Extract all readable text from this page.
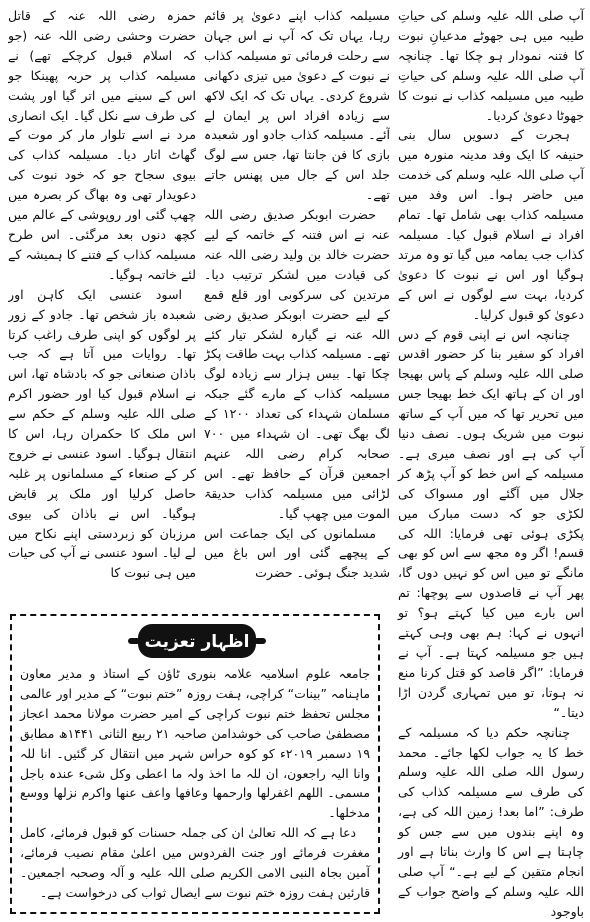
آپ صلی اللہ علیہ وسلم کی حیاتِ طیبہ میں ہی جھوٹے مدعیانِ نبوت کا فتنہ نمودار ہو چکا تھا۔ چنانچہ آپ صلی اللہ علیہ وسلم کی حیاتِ طیبہ میں مسیلمہ کذاب نے نبوت کا جھوٹا دعویٰ کردیا۔

ہجرت کے دسویں سال بنی حنیفہ کا ایک وفد مدینہ منورہ میں آپ صلی اللہ علیہ وسلم کی خدمت میں حاضر ہوا۔ اس وفد میں مسیلمہ کذاب بھی شامل تھا۔ تمام افراد نے اسلام قبول کیا۔ مسیلمہ کذاب جب یمامہ میں گیا تو وہ مرتد ہوگیا اور اس نے نبوت کا دعویٰ کردیا، بہت سے لوگوں نے اس کے دعویٰ کو قبول کرلیا۔

چنانچہ اس نے اپنی قوم کے دس افراد کو سفیر بنا کر حضور اقدس صلی اللہ علیہ وسلم کے پاس بھیجا اور ان کے ہاتھ ایک خط بھیجا جس میں تحریر تھا کہ میں آپ کے ساتھ نبوت میں شریک ہوں۔ نصف دنیا آپ کی ہے اور نصف میری ہے۔ مسیلمہ کے اس خط کو آپ پڑھ کر جلال میں آگئے اور مسواک کی لکڑی جو کہ دست مبارک میں پکڑی ہوئی تھی فرمایا: اللہ کی قسم! اگر وہ مجھ سے اس کو بھی مانگے تو میں اس کو نہیں دوں گا، پھر آپ نے قاصدوں سے پوچھا: تم اس بارے میں کیا کہتے ہو؟ تو انہوں نے کہا: ہم بھی وہی کہتے ہیں جو مسیلمہ کہتا ہے۔ آپ نے فرمایا: ”اگر قاصد کو قتل کرنا منع نہ ہوتا، تو میں تمہاری گردن اڑا دیتا۔“

چنانچہ حکم دیا کہ مسیلمہ کے خط کا یہ جواب لکھا جائے۔ محمد رسول اللہ صلی اللہ علیہ وسلم کی طرف سے مسیلمہ کذاب کی طرف: ”اما بعد! زمین اللہ کی ہے، وہ اپنے بندوں میں سے جس کو چاہتا ہے اس کا وارث بناتا ہے اور انجام متقین کے لیے ہے۔“ آپ صلی اللہ علیہ وسلم کے واضح جواب کے باوجود

مسیلمہ کذاب اپنے دعویٰ پر قائم رہا، یہاں تک کہ آپ نے اس جہان سے رحلت فرمائی تو مسیلمہ کذاب نے نبوت کے دعویٰ میں تیزی دکھانی شروع کردی۔ یہاں تک کہ ایک لاکھ سے زیادہ افراد اس پر ایمان لے آئے۔ مسیلمہ کذاب جادو اور شعبدہ بازی کا فن جانتا تھا، جس سے لوگ جلد اس کے جال میں پھنس جاتے تھے۔

حضرت ابوبکر صدیق رضی اللہ عنہ نے اس فتنہ کے خاتمہ کے لیے حضرت خالد بن ولید رضی اللہ عنہ کی قیادت میں لشکر ترتیب دیا۔ مرتدین کی سرکوبی اور قلع قمع کے لیے حضرت ابوبکر صدیق رضی اللہ عنہ نے گیارہ لشکر تیار کئے تھے۔ مسیلمہ کذاب بہت طاقت پکڑ چکا تھا۔ بیس ہزار سے زیادہ لوگ مسیلمہ کذاب کے مارے گئے جبکہ مسلمان شہداء کی تعداد ۱۲۰۰ کے لگ بھگ تھی۔ ان شہداء میں ۷۰۰ صحابہ کرام رضی اللہ عنہم اجمعین قرآن کے حافظ تھے۔ اس لڑائی میں مسیلمہ کذاب حدیقۃ الموت میں چھپ گیا۔

مسلمانوں کی ایک جماعت اس کے پیچھے گئی اور اس باغ میں شدید جنگ ہوئی۔ حضرت

حمزہ رضی اللہ عنہ کے قاتل حضرت وحشی رضی اللہ عنہ (جو کہ اسلام قبول کرچکے تھے) نے مسیلمہ کذاب پر حربہ پھینکا جو اس کے سینے میں اتر گیا اور پشت کی طرف سے نکل گیا۔ ایک انصاری مرد نے اسے تلوار مار کر موت کے گھاٹ اتار دیا۔ مسیلمہ کذاب کی بیوی سجاح جو کہ خود نبوت کی دعویدار تھی وہ بھاگ کر بصرہ میں چھپ گئی اور روپوشی کے عالم میں کچھ دنوں بعد مرگئی۔ اس طرح مسیلمہ کذاب کے فتنے کا ہمیشہ کے لئے خاتمہ ہوگیا۔

اسود عنسی ایک کاہن اور شعبدہ باز شخص تھا۔ جادو کے زور پر لوگوں کو اپنی طرف راغب کرتا تھا۔ روایات میں آتا ہے کہ جب باذان صنعانی جو کہ بادشاہ تھا، اس نے اسلام قبول کیا اور حضور اکرم صلی اللہ علیہ وسلم کے حکم سے اس ملک کا حکمران رہا، اس کا انتقال ہوگیا۔ اسود عنسی نے خروج کر کے صنعاء کے مسلمانوں پر غلبہ حاصل کرلیا اور ملک پر قابض ہوگیا۔ اس نے باذان کی بیوی مرزبان کو زبردستی اپنے نکاح میں لے لیا۔ اسود عنسی نے آپ کی حیات میں ہی نبوت کا

اظہار تعزیت

جامعہ علوم اسلامیہ علامہ بنوری ٹاؤن کے استاذ و مدیر معاون ماہنامہ ”بینات“ کراچی، ہفت روزہ ”ختم نبوت“ کے مدیر اور عالمی مجلس تحفظ ختم نبوت کراچی کے امیر حضرت مولانا محمد اعجاز مصطفیٰ صاحب کی خوشدامن صاحبہ ۲۱ ربیع الثانی ۱۴۴۱ھ مطابق ۱۹ دسمبر ۲۰۱۹ء کو کوہ حراس شہر میں انتقال کر گئیں۔ انا للہ وانا الیہ راجعون، ان للہ ما اخذ ولہ ما اعطی وکل شیء عندہ باجل مسمی۔ اللھم اغفرلھا وارحمھا وعافھا واعف عنھا واکرم نزلھا ووسع مدخلھا۔

دعا ہے کہ اللہ تعالیٰ ان کی جملہ حسنات کو قبول فرمائے، کامل مغفرت فرمائے اور جنت الفردوس میں اعلیٰ مقام نصیب فرمائے، آمین بجاہ النبی الامی الکریم صلی اللہ علیہ و آلہ وصحبہ اجمعین۔ قارئین ہفت روزہ ختم نبوت سے ایصال ثواب کی درخواست ہے۔
